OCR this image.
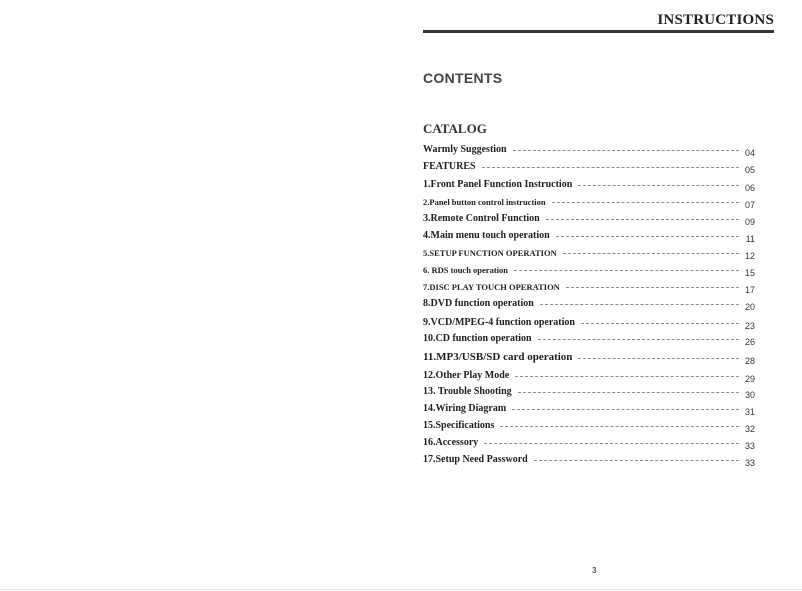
INSTRUCTIONS
CONTENTS
CATALOG
Warmly Suggestion	04
FEATURES	05
1.Front Panel Function Instruction	06
2.Panel button control instruction	07
3.Remote Control Function	09
4.Main menu touch operation	11
5.SETUP FUNCTION OPERATION	12
6. RDS touch operation	15
7.DISC PLAY TOUCH OPERATION	17
8.DVD function operation	20
9.VCD/MPEG-4 function operation	23
10.CD function operation	26
11.MP3/USB/SD card operation	28
12.Other Play Mode	29
13. Trouble Shooting	30
14.Wiring Diagram	31
15.Specifications	32
16.Accessory	33
17.Setup Need Password	33
3
